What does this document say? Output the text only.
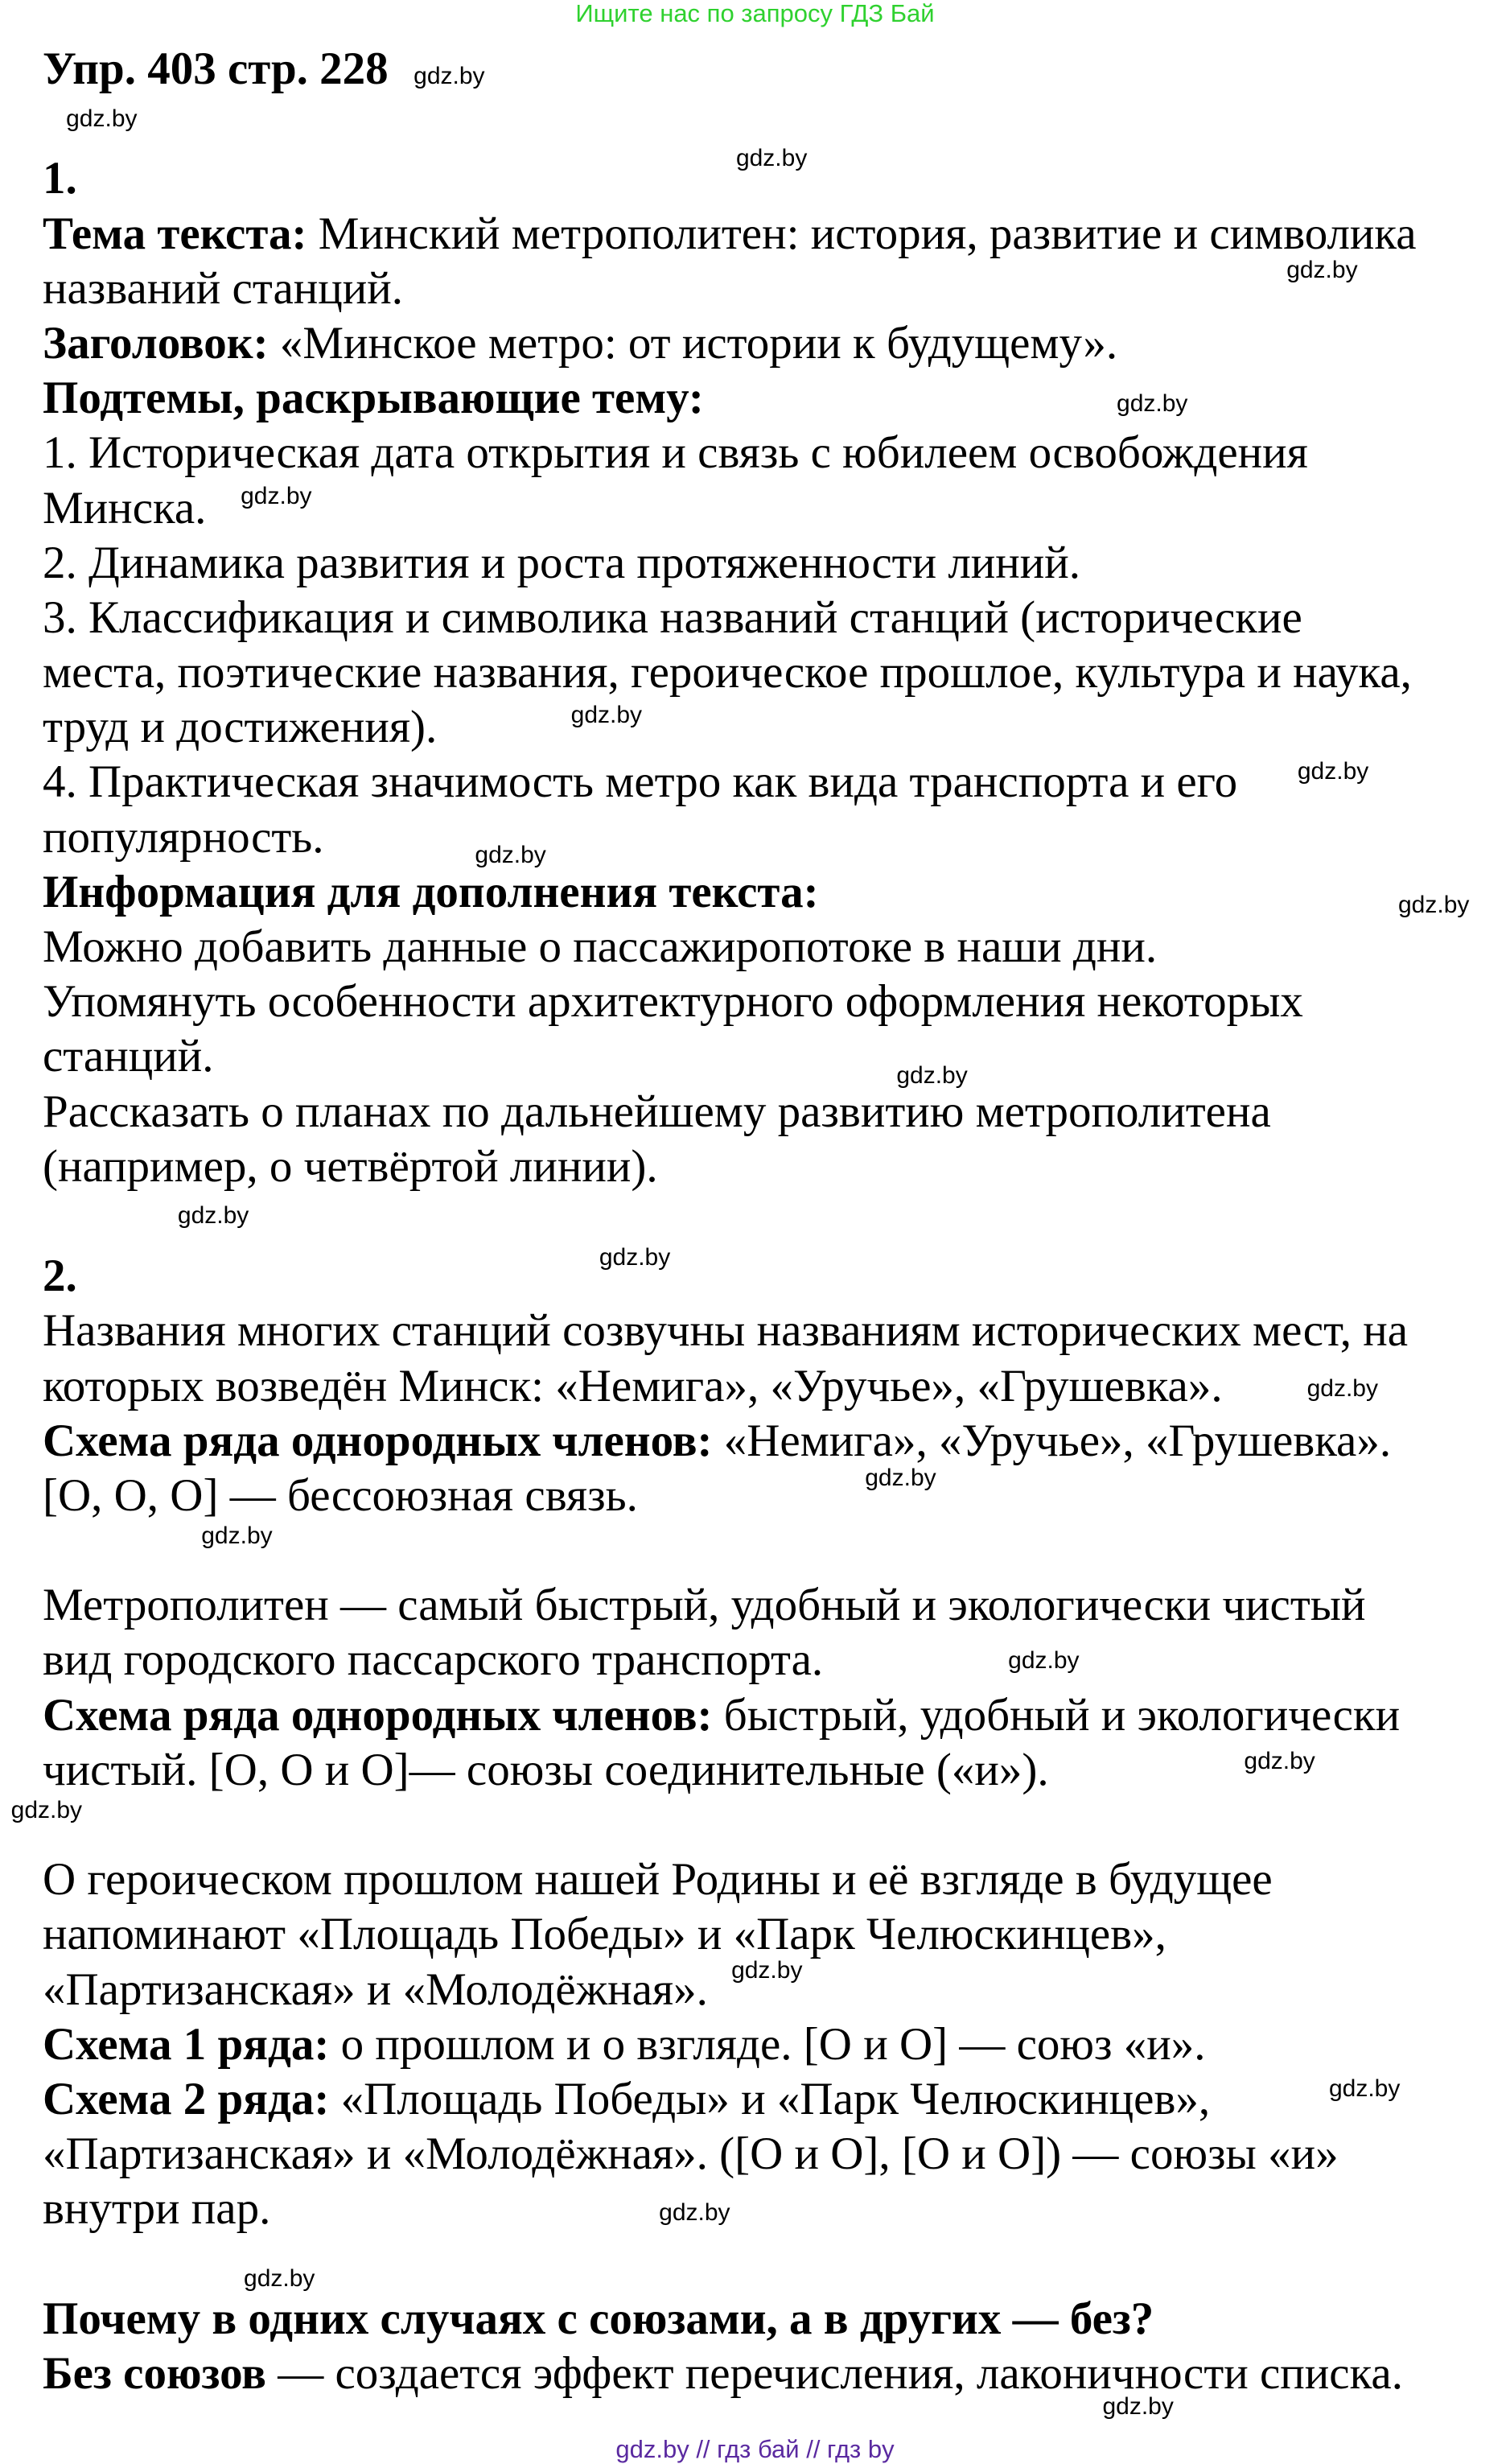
Ищите нас по запросу ГДЗ Бай
Упр. 403 стр. 228
1.
Тема текста: Минский метрополитен: история, развитие и символика
названий станций.
Заголовок: «Минское метро: от истории к будущему».
Подтемы, раскрывающие тему:
1. Историческая дата открытия и связь с юбилеем освобождения
Минска.
2. Динамика развития и роста протяженности линий.
3. Классификация и символика названий станций (исторические
места, поэтические названия, героическое прошлое, культура и наука,
труд и достижения).
4. Практическая значимость метро как вида транспорта и его
популярность.
Информация для дополнения текста:
Можно добавить данные о пассажиропотоке в наши дни.
Упомянуть особенности архитектурного оформления некоторых
станций.
Рассказать о планах по дальнейшему развитию метрополитена
(например, о четвёртой линии).
2.
Названия многих станций созвучны названиям исторических мест, на
которых возведён Минск: «Немига», «Уручье», «Грушевка».
Схема ряда однородных членов: «Немига», «Уручье», «Грушевка».
[О, О, О] — бессоюзная связь.
Метрополитен — самый быстрый, удобный и экологически чистый
вид городского пассарского транспорта.
Схема ряда однородных членов: быстрый, удобный и экологически
чистый. [О, О и О]— союзы соединительные («и»).
О героическом прошлом нашей Родины и её взгляде в будущее
напоминают «Площадь Победы» и «Парк Челюскинцев»,
«Партизанская» и «Молодёжная».
Схема 1 ряда: о прошлом и о взгляде. [О и О] — союз «и».
Схема 2 ряда: «Площадь Победы» и «Парк Челюскинцев»,
«Партизанская» и «Молодёжная». ([О и О], [О и О]) — союзы «и»
внутри пар.
Почему в одних случаях с союзами, а в других — без?
Без союзов — создается эффект перечисления, лаконичности списка.
gdz.by
gdz.by
gdz.by
gdz.by
gdz.by
gdz.by
gdz.by
gdz.by
gdz.by
gdz.by
gdz.by
gdz.by
gdz.by
gdz.by
gdz.by
gdz.by
gdz.by
gdz.by
gdz.by
gdz.by
gdz.by
gdz.by
gdz.by
gdz.by
gdz.by // гдз бай // гдз by
